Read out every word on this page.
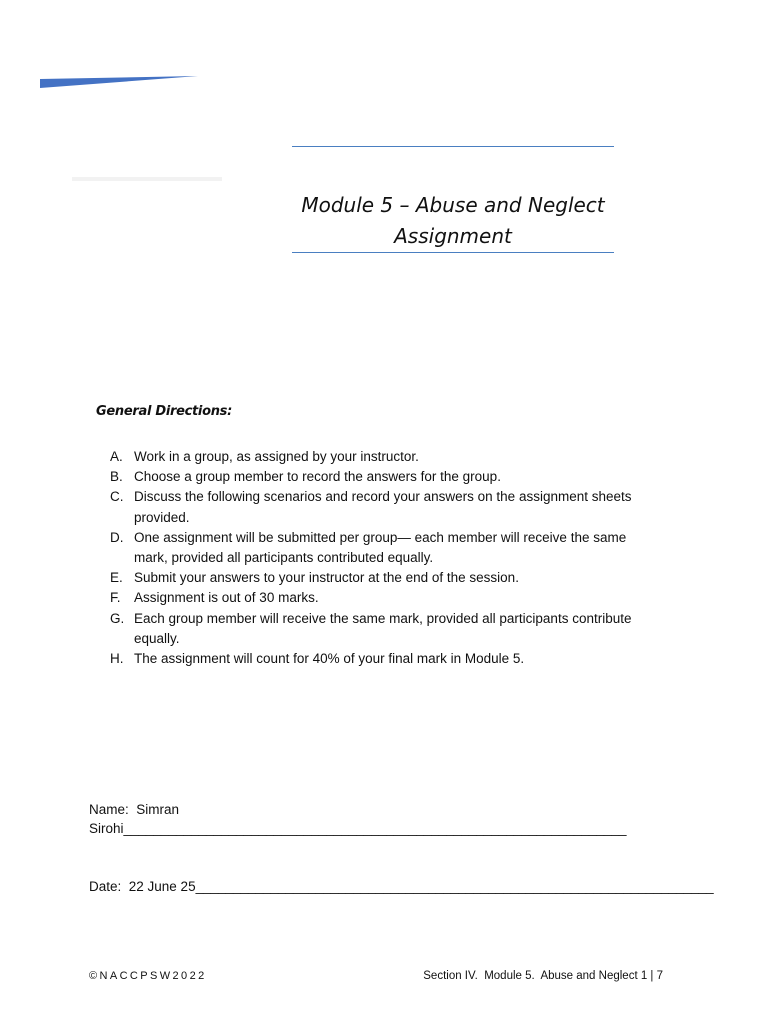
Module 5 – Abuse and Neglect
Assignment
General Directions:
A. Work in a group, as assigned by your instructor.
B. Choose a group member to record the answers for the group.
C. Discuss the following scenarios and record your answers on the assignment sheets provided.
D. One assignment will be submitted per group— each member will receive the same mark, provided all participants contributed equally.
E. Submit your answers to your instructor at the end of the session.
F. Assignment is out of 30 marks.
G. Each group member will receive the same mark, provided all participants contribute equally.
H. The assignment will count for 40% of your final mark in Module 5.
Name:  Simran
Sirohi___________________________________________________________________
Date:  22 June 25_____________________________________________________________________
©NACCPSW2022	Section IV.  Module 5.  Abuse and Neglect 1 | 7
